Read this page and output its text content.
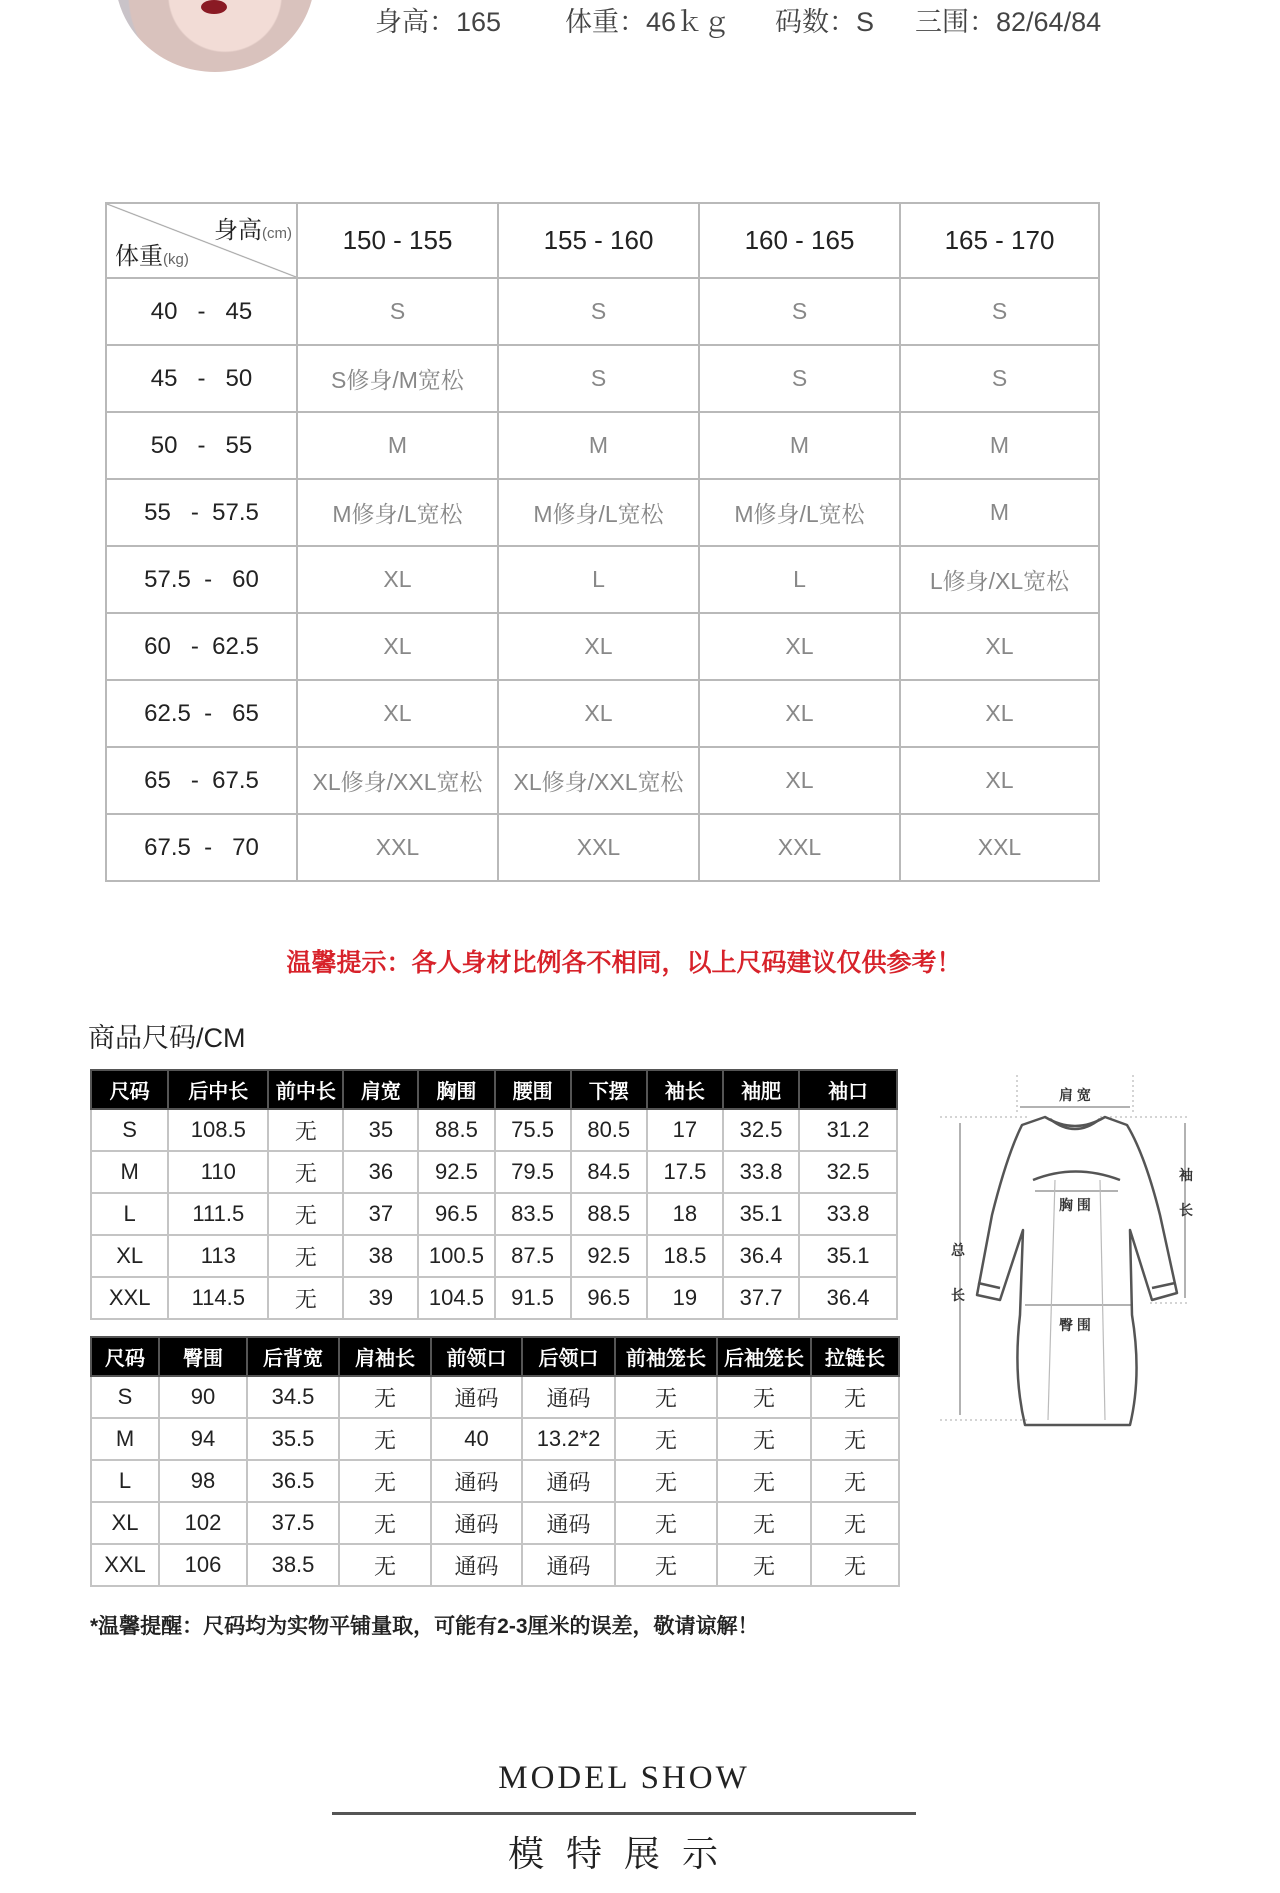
身高：165	体重：46ｋｇ	码数：S	三围：82/64/84
身高(cm)
体重(kg)	150 - 155	155 - 160	160 - 165	165 - 170
40   -   45	S	S	S	S
45   -   50	S修身/M宽松	S	S	S
50   -   55	M	M	M	M
55   -  57.5	M修身/L宽松	M修身/L宽松	M修身/L宽松	M
57.5  -   60	XL	L	L	L修身/XL宽松
60   -  62.5	XL	XL	XL	XL
62.5  -   65	XL	XL	XL	XL
65   -  67.5	XL修身/XXL宽松	XL修身/XXL宽松	XL	XL
67.5  -   70	XXL	XXL	XXL	XXL
温馨提示：各人身材比例各不相同，以上尺码建议仅供参考！
商品尺码/CM
尺码	后中长	前中长	肩宽	胸围	腰围	下摆	袖长	袖肥	袖口
S	108.5	无	35	88.5	75.5	80.5	17	32.5	31.2
M	110	无	36	92.5	79.5	84.5	17.5	33.8	32.5
L	111.5	无	37	96.5	83.5	88.5	18	35.1	33.8
XL	113	无	38	100.5	87.5	92.5	18.5	36.4	35.1
XXL	114.5	无	39	104.5	91.5	96.5	19	37.7	36.4
尺码	臀围	后背宽	肩袖长	前领口	后领口	前袖笼长	后袖笼长	拉链长
S	90	34.5	无	通码	通码	无	无	无
M	94	35.5	无	40	13.2*2	无	无	无
L	98	36.5	无	通码	通码	无	无	无
XL	102	37.5	无	通码	通码	无	无	无
XXL	106	38.5	无	通码	通码	无	无	无
*温馨提醒：尺码均为实物平铺量取，可能有2-3厘米的误差，敬请谅解！
肩 宽
胸 围
臀 围
总
长
袖
长
MODEL SHOW
模特展示
